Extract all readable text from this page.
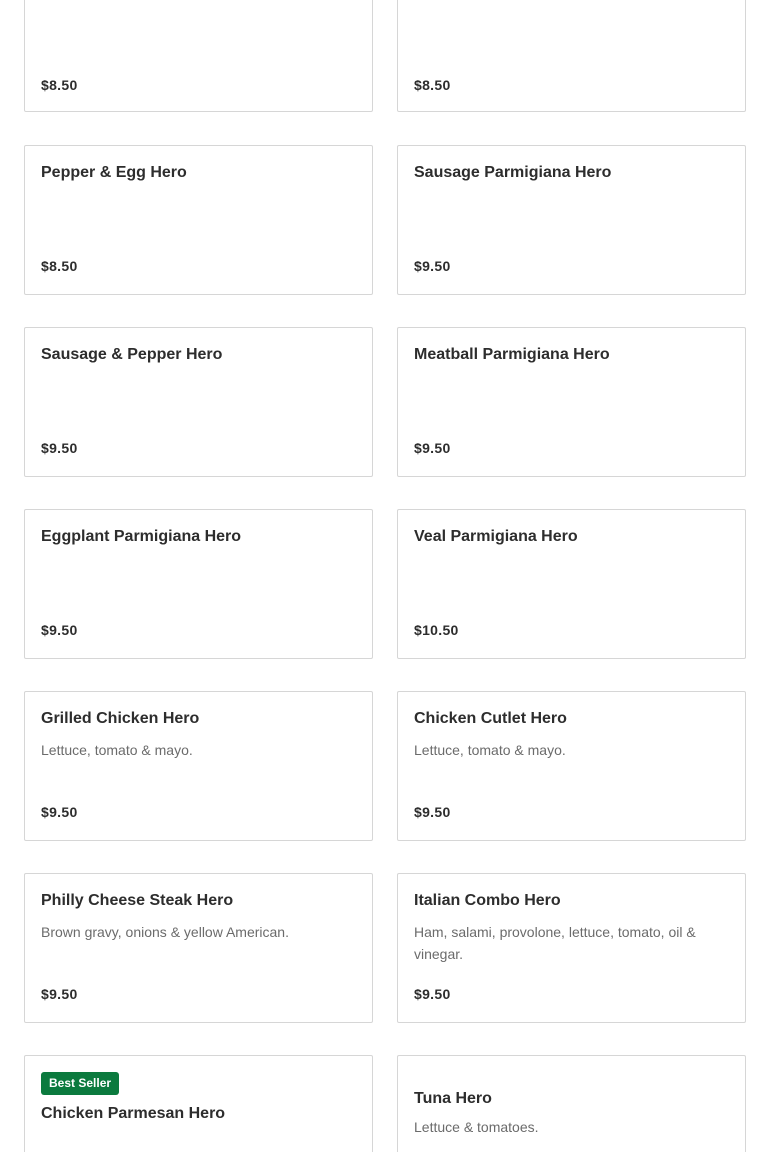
$8.50	$8.50
Pepper & Egg Hero
$8.50
Sausage Parmigiana Hero
$9.50
Sausage & Pepper Hero
$9.50
Meatball Parmigiana Hero
$9.50
Eggplant Parmigiana Hero
$9.50
Veal Parmigiana Hero
$10.50
Grilled Chicken Hero
Lettuce, tomato & mayo.
$9.50
Chicken Cutlet Hero
Lettuce, tomato & mayo.
$9.50
Philly Cheese Steak Hero
Brown gravy, onions & yellow American.
$9.50
Italian Combo Hero
Ham, salami, provolone, lettuce, tomato, oil & vinegar.
$9.50
Best Seller
Chicken Parmesan Hero
Tuna Hero
Lettuce & tomatoes.
